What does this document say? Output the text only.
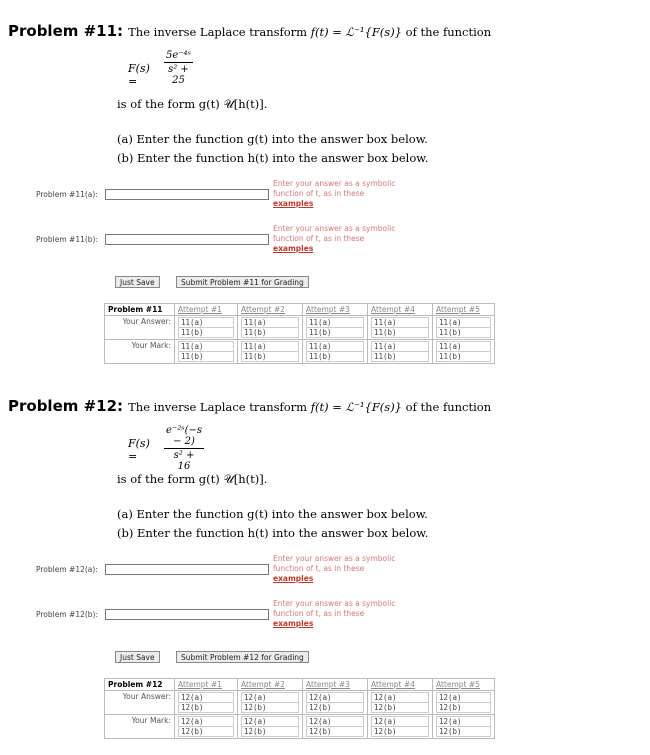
Problem #11: The inverse Laplace transform f(t) = ℒ⁻¹{F(s)} of the function
F(s) =
5e⁻⁴ˢ
s² + 25
is of the form g(t) 𝒰[h(t)].
(a) Enter the function g(t) into the answer box below.
(b) Enter the function h(t) into the answer box below.
Problem #11(a):
Enter your answer as a symbolic function of t, as in these
examples
Problem #11(b):
Enter your answer as a symbolic function of t, as in these
examples
Just Save	Submit Problem #11 for Grading
Problem #11	Attempt #1	Attempt #2	Attempt #3	Attempt #4	Attempt #5
Your Answer:	11(a)
11(b)	11(a)
11(b)	11(a)
11(b)	11(a)
11(b)	11(a)
11(b)

Your Mark:	11(a)
11(b)	11(a)
11(b)	11(a)
11(b)	11(a)
11(b)	11(a)
11(b)
Problem #12: The inverse Laplace transform f(t) = ℒ⁻¹{F(s)} of the function
F(s) =
e⁻²ˢ(−s − 2)
s² + 16
is of the form g(t) 𝒰[h(t)].
(a) Enter the function g(t) into the answer box below.
(b) Enter the function h(t) into the answer box below.
Problem #12(a):
Enter your answer as a symbolic function of t, as in these
examples
Problem #12(b):
Enter your answer as a symbolic function of t, as in these
examples
Just Save	Submit Problem #12 for Grading
Problem #12	Attempt #1	Attempt #2	Attempt #3	Attempt #4	Attempt #5
Your Answer:	12(a)
12(b)	12(a)
12(b)	12(a)
12(b)	12(a)
12(b)	12(a)
12(b)

Your Mark:	12(a)
12(b)	12(a)
12(b)	12(a)
12(b)	12(a)
12(b)	12(a)
12(b)
